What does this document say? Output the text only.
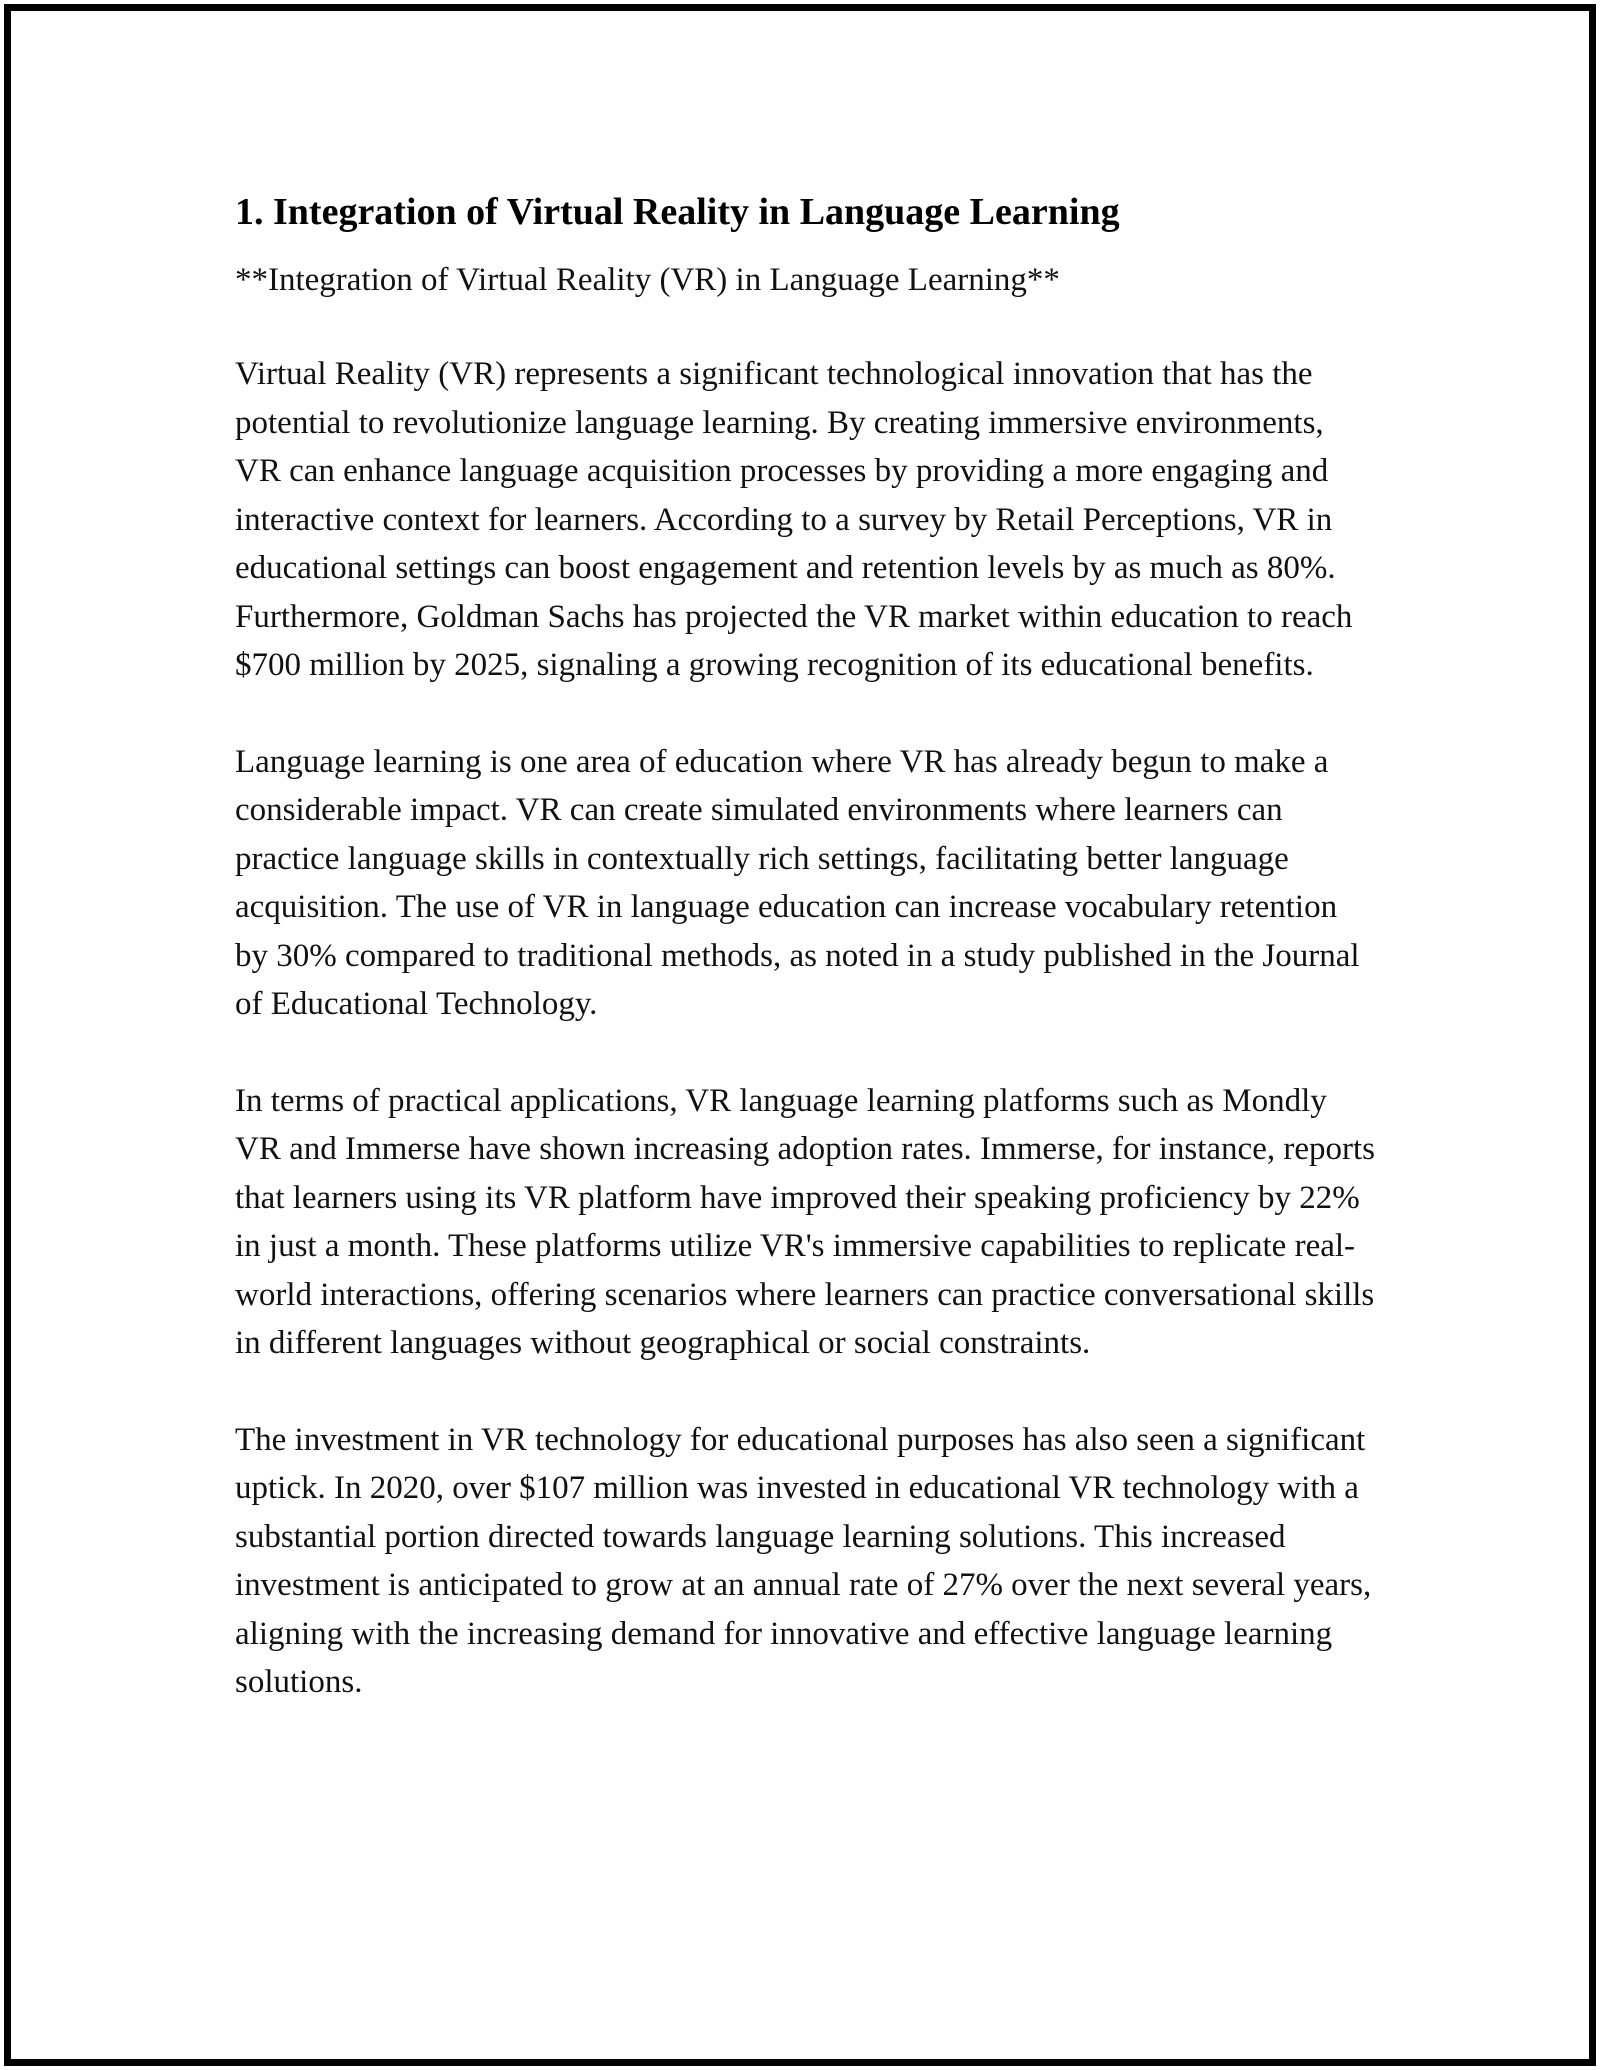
1. Integration of Virtual Reality in Language Learning

**Integration of Virtual Reality (VR) in Language Learning**

Virtual Reality (VR) represents a significant technological innovation that has the potential to revolutionize language learning. By creating immersive environments, VR can enhance language acquisition processes by providing a more engaging and interactive context for learners. According to a survey by Retail Perceptions, VR in educational settings can boost engagement and retention levels by as much as 80%. Furthermore, Goldman Sachs has projected the VR market within education to reach $700 million by 2025, signaling a growing recognition of its educational benefits.

Language learning is one area of education where VR has already begun to make a considerable impact. VR can create simulated environments where learners can practice language skills in contextually rich settings, facilitating better language acquisition. The use of VR in language education can increase vocabulary retention by 30% compared to traditional methods, as noted in a study published in the Journal of Educational Technology.

In terms of practical applications, VR language learning platforms such as Mondly VR and Immerse have shown increasing adoption rates. Immerse, for instance, reports that learners using its VR platform have improved their speaking proficiency by 22% in just a month. These platforms utilize VR's immersive capabilities to replicate real-world interactions, offering scenarios where learners can practice conversational skills in different languages without geographical or social constraints.

The investment in VR technology for educational purposes has also seen a significant uptick. In 2020, over $107 million was invested in educational VR technology with a substantial portion directed towards language learning solutions. This increased investment is anticipated to grow at an annual rate of 27% over the next several years, aligning with the increasing demand for innovative and effective language learning solutions.
